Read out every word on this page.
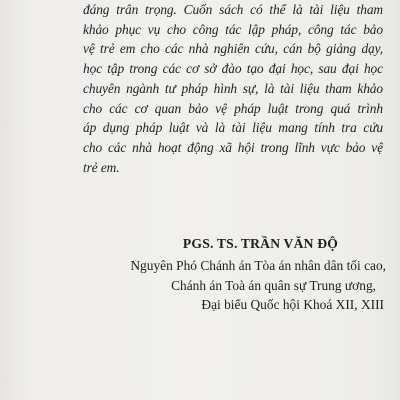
đáng trân trọng. Cuốn sách có thể là tài liệu tham
khảo phục vụ cho công tác lập pháp, công tác bảo
vệ trẻ em cho các nhà nghiên cứu, cán bộ giảng dạy,
học tập trong các cơ sở đào tạo đại học, sau đại học
chuyên ngành tư pháp hình sự, là tài liệu tham khảo
cho các cơ quan bảo vệ pháp luật trong quá trình
áp dụng pháp luật và là tài liệu mang tính tra cứu
cho các nhà hoạt động xã hội trong lĩnh vực bảo vệ
trẻ em.

PGS. TS. TRẦN VĂN ĐỘ
Nguyên Phó Chánh án Tòa án nhân dân tối cao,
Chánh án Toà án quân sự Trung ương,
Đại biểu Quốc hội Khoá XII, XIII
